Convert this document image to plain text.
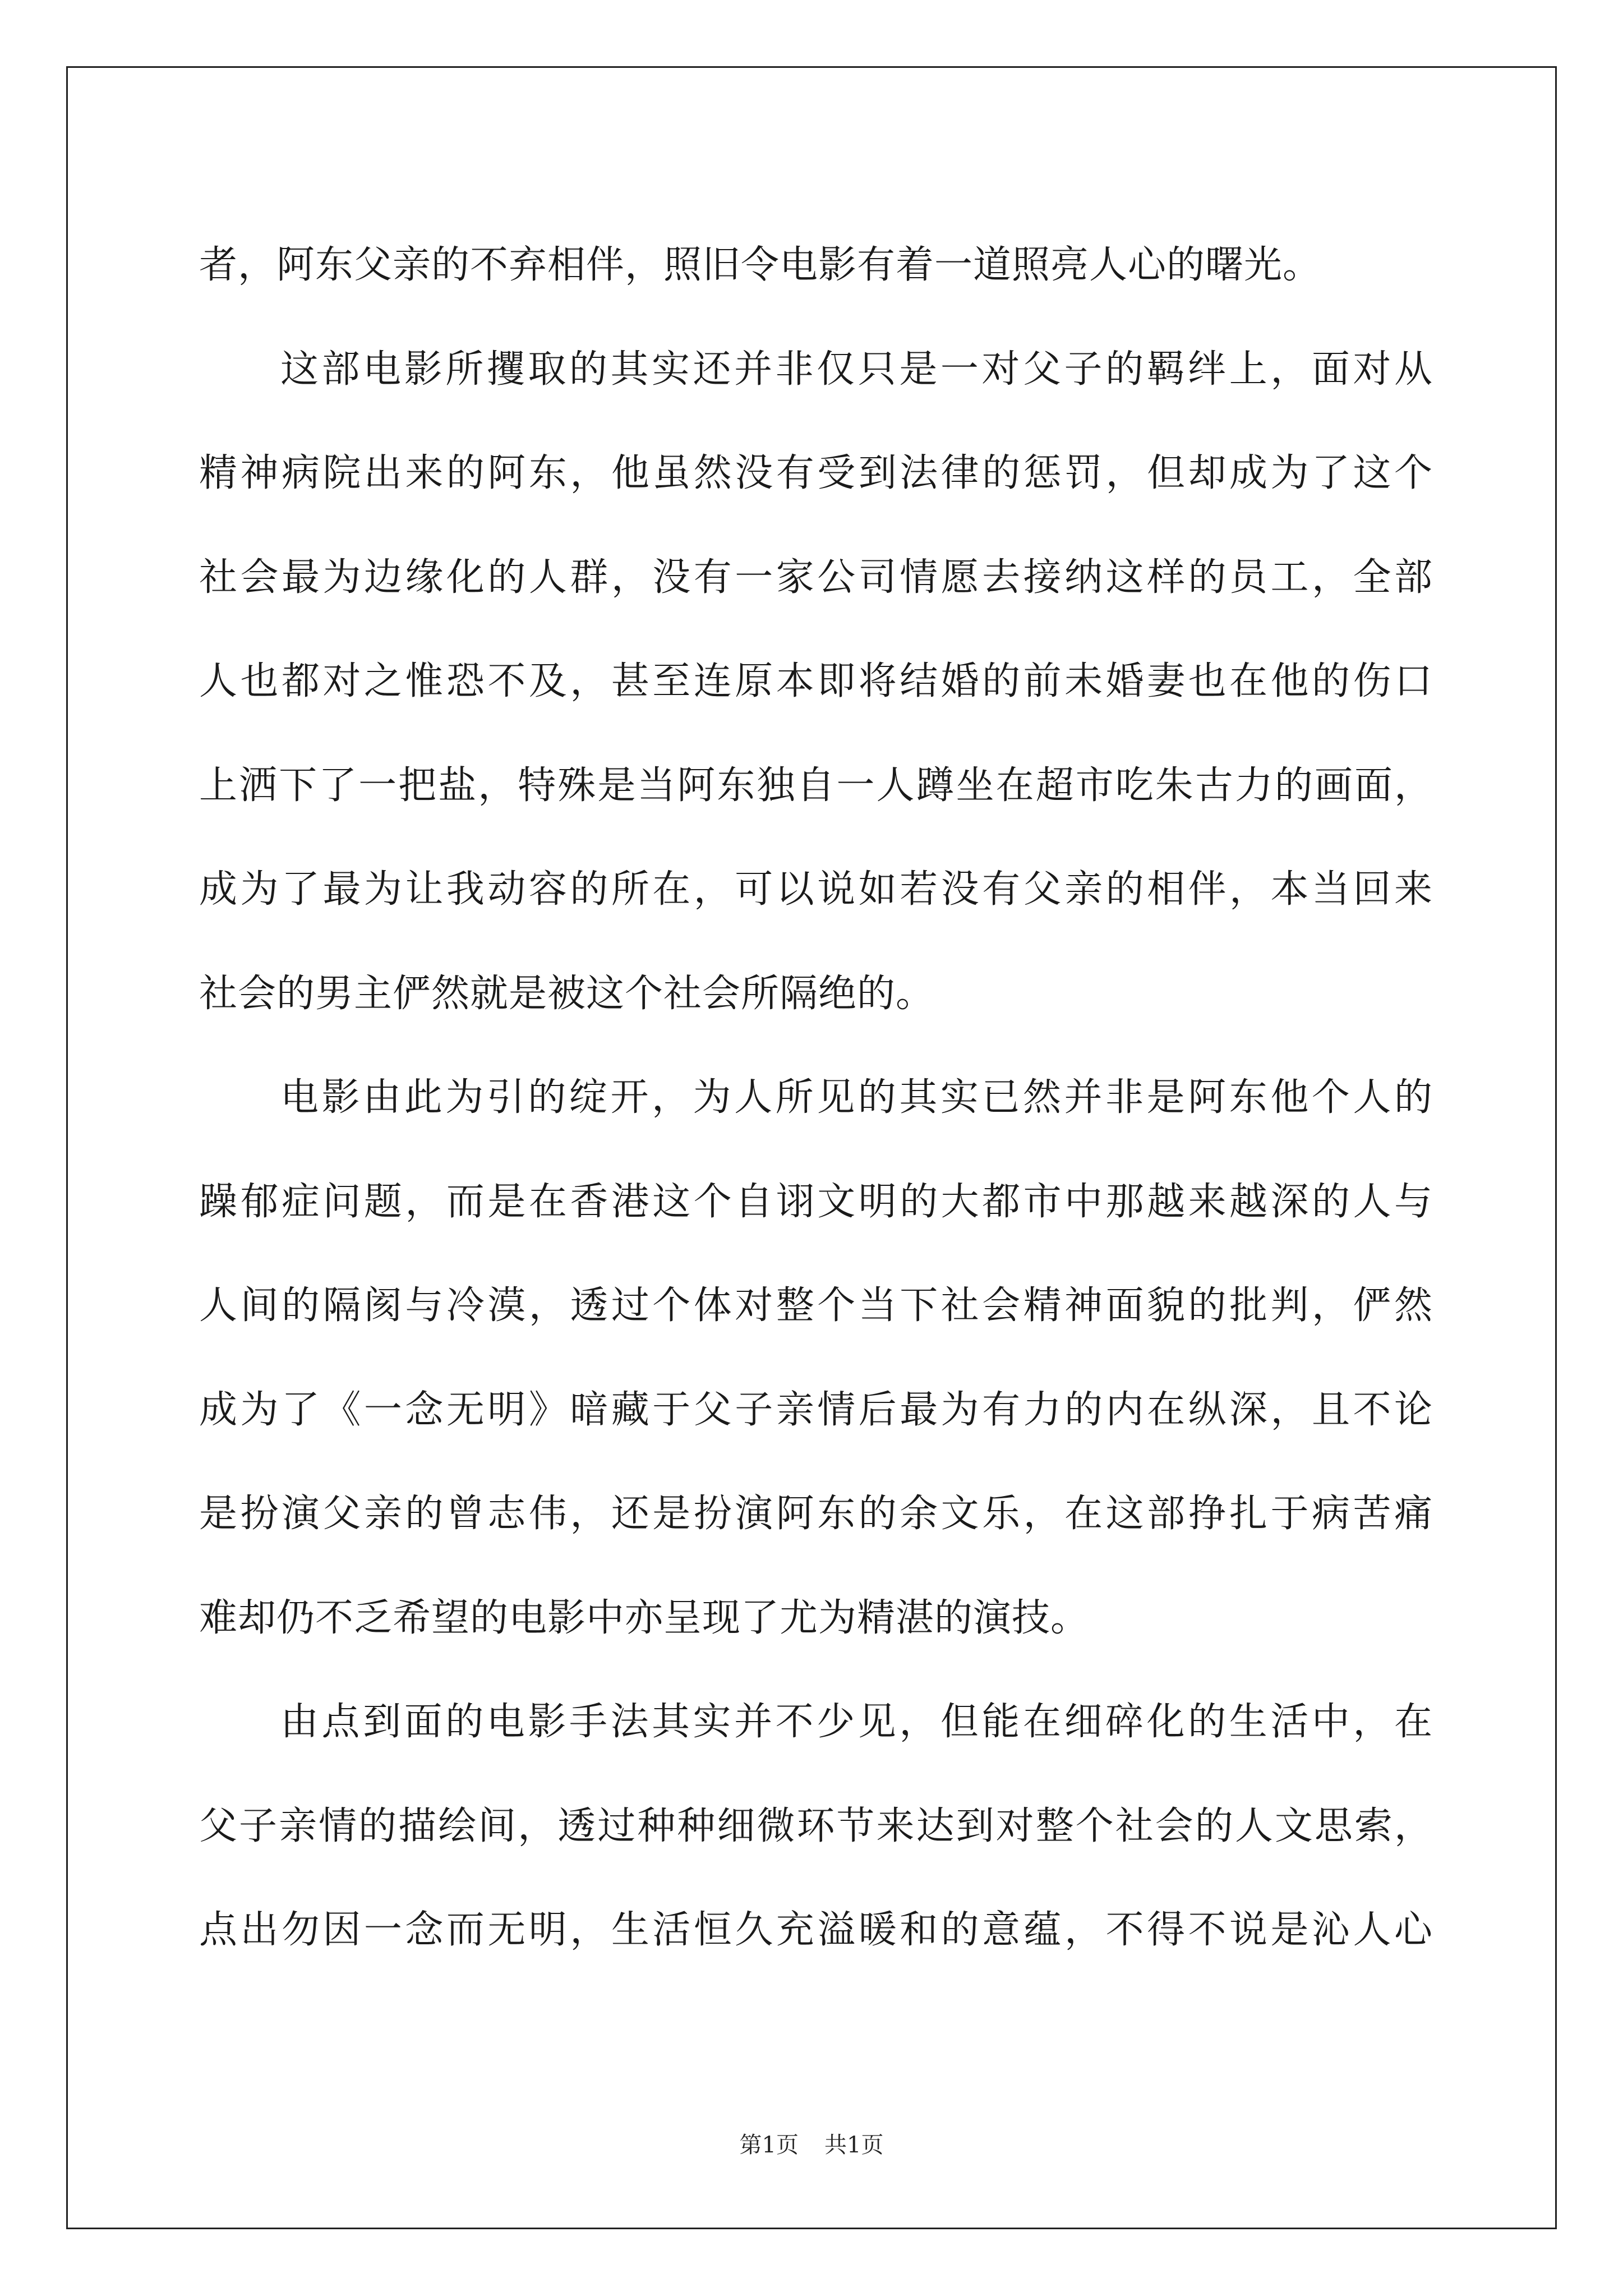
者，阿东父亲的不弃相伴，照旧令电影有着一道照亮人心的曙光。
这部电影所攫取的其实还并非仅只是一对父子的羁绊上，面对从
精神病院出来的阿东，他虽然没有受到法律的惩罚，但却成为了这个
社会最为边缘化的人群，没有一家公司情愿去接纳这样的员工，全部
人也都对之惟恐不及，甚至连原本即将结婚的前未婚妻也在他的伤口
上洒下了一把盐，特殊是当阿东独自一人蹲坐在超市吃朱古力的画面，
成为了最为让我动容的所在，可以说如若没有父亲的相伴，本当回来
社会的男主俨然就是被这个社会所隔绝的。
电影由此为引的绽开，为人所见的其实已然并非是阿东他个人的
躁郁症问题，而是在香港这个自诩文明的大都市中那越来越深的人与
人间的隔阂与冷漠，透过个体对整个当下社会精神面貌的批判，俨然
成为了《一念无明》暗藏于父子亲情后最为有力的内在纵深，且不论
是扮演父亲的曾志伟，还是扮演阿东的余文乐，在这部挣扎于病苦痛
难却仍不乏希望的电影中亦呈现了尤为精湛的演技。
由点到面的电影手法其实并不少见，但能在细碎化的生活中，在
父子亲情的描绘间，透过种种细微环节来达到对整个社会的人文思索，
点出勿因一念而无明，生活恒久充溢暖和的意蕴，不得不说是沁人心
第1页 共1页
